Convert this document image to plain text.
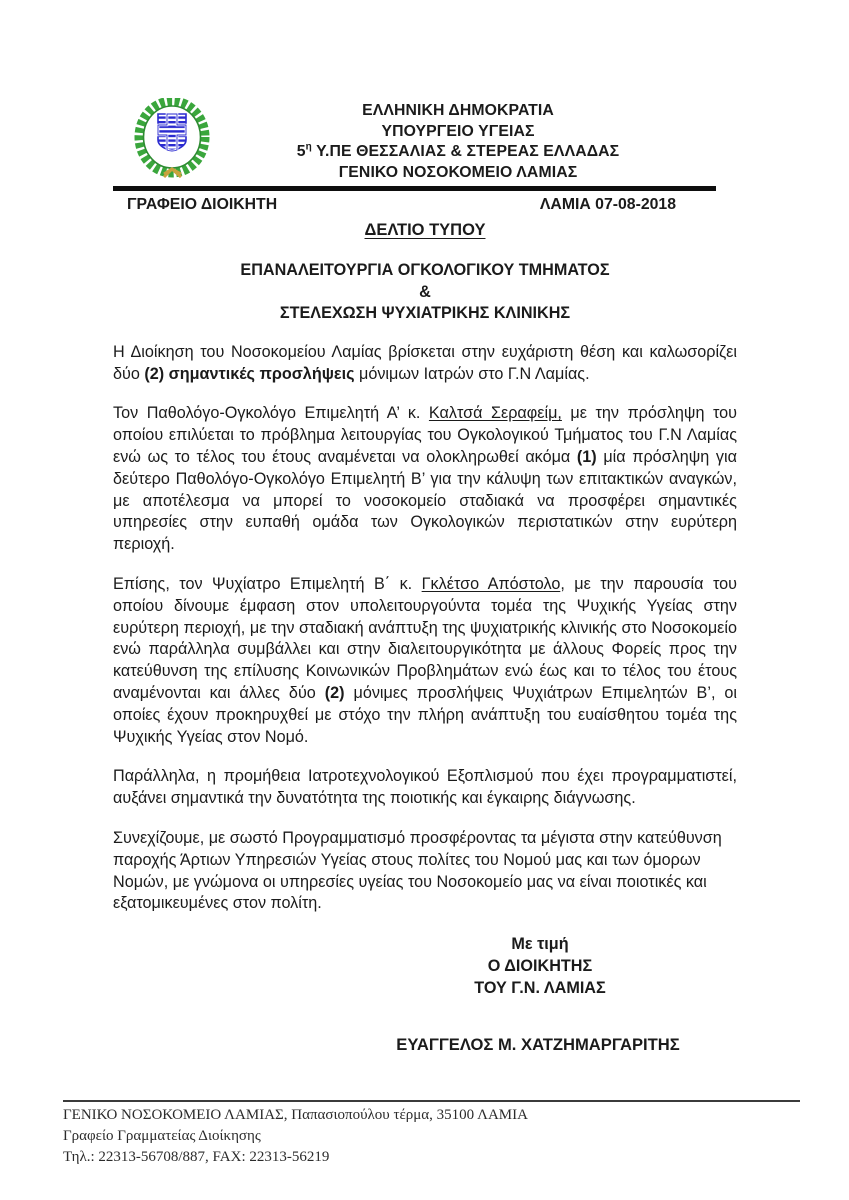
ΕΛΛΗΝΙΚΗ ΔΗΜΟΚΡΑΤΙΑ
ΥΠΟΥΡΓΕΙΟ ΥΓΕΙΑΣ
$5^\eta$ Υ.ΠΕ ΘΕΣΣΑΛΙΑΣ & ΣΤΕΡΕΑΣ ΕΛΛΑΔΑΣ
ΓΕΝΙΚΟ ΝΟΣΟΚΟΜΕΙΟ ΛΑΜΙΑΣ
ΓΡΑΦΕΙΟ ΔΙΟΙΚΗΤΗ	ΛΑΜΙΑ 07-08-2018
ΔΕΛΤΙΟ ΤΥΠΟΥ
ΕΠΑΝΑΛΕΙΤΟΥΡΓΙΑ ΟΓΚΟΛΟΓΙΚΟΥ ΤΜΗΜΑΤΟΣ
&
ΣΤΕΛΕΧΩΣΗ ΨΥΧΙΑΤΡΙΚΗΣ ΚΛΙΝΙΚΗΣ

Η Διοίκηση του Νοσοκομείου Λαμίας βρίσκεται στην ευχάριστη θέση και καλωσορίζει δύο (2) σημαντικές προσλήψεις μόνιμων Ιατρών στο Γ.Ν Λαμίας.

Τον Παθολόγο-Ογκολόγο Επιμελητή Α’ κ. Καλτσά Σεραφείμ, με την πρόσληψη του οποίου επιλύεται το πρόβλημα λειτουργίας του Ογκολογικού Τμήματος του Γ.Ν Λαμίας ενώ ως το τέλος του έτους αναμένεται να ολοκληρωθεί ακόμα (1) μία πρόσληψη για δεύτερο Παθολόγο-Ογκολόγο Επιμελητή Β’ για την κάλυψη των επιτακτικών αναγκών, με αποτέλεσμα να μπορεί το νοσοκομείο σταδιακά να προσφέρει σημαντικές υπηρεσίες στην ευπαθή ομάδα των Ογκολογικών περιστατικών στην ευρύτερη περιοχή.

Επίσης, τον Ψυχίατρο Επιμελητή Β΄ κ. Γκλέτσο Απόστολο, με την παρουσία του οποίου δίνουμε έμφαση στον υπολειτουργούντα τομέα της Ψυχικής Υγείας στην ευρύτερη περιοχή, με την σταδιακή ανάπτυξη της ψυχιατρικής κλινικής στο Νοσοκομείο ενώ παράλληλα συμβάλλει και στην διαλειτουργικότητα με άλλους Φορείς προς την κατεύθυνση της επίλυσης Κοινωνικών Προβλημάτων ενώ έως και το τέλος του έτους αναμένονται και άλλες δύο (2) μόνιμες προσλήψεις Ψυχιάτρων Επιμελητών Β’, οι οποίες έχουν προκηρυχθεί με στόχο την πλήρη ανάπτυξη του ευαίσθητου τομέα της Ψυχικής Υγείας στον Νομό.

Παράλληλα, η προμήθεια Ιατροτεχνολογικού Εξοπλισμού που έχει προγραμματιστεί, αυξάνει σημαντικά την δυνατότητα της ποιοτικής και έγκαιρης διάγνωσης.

Συνεχίζουμε, με σωστό Προγραμματισμό προσφέροντας τα μέγιστα στην κατεύθυνση παροχής Άρτιων Υπηρεσιών Υγείας στους πολίτες του Νομού μας και των όμορων Νομών, με γνώμονα οι υπηρεσίες υγείας του Νοσοκομείο μας να είναι ποιοτικές και εξατομικευμένες στον πολίτη.

Με τιμή
Ο ΔΙΟΙΚΗΤΗΣ
ΤΟΥ Γ.Ν. ΛΑΜΙΑΣ
ΕΥΑΓΓΕΛΟΣ Μ. ΧΑΤΖΗΜΑΡΓΑΡΙΤΗΣ
ΓΕΝΙΚΟ ΝΟΣΟΚΟΜΕΙΟ ΛΑΜΙΑΣ, Παπασιοπούλου τέρμα, 35100 ΛΑΜΙΑ
Γραφείο Γραμματείας Διοίκησης
Τηλ.: 22313-56708/887, FAX: 22313-56219
